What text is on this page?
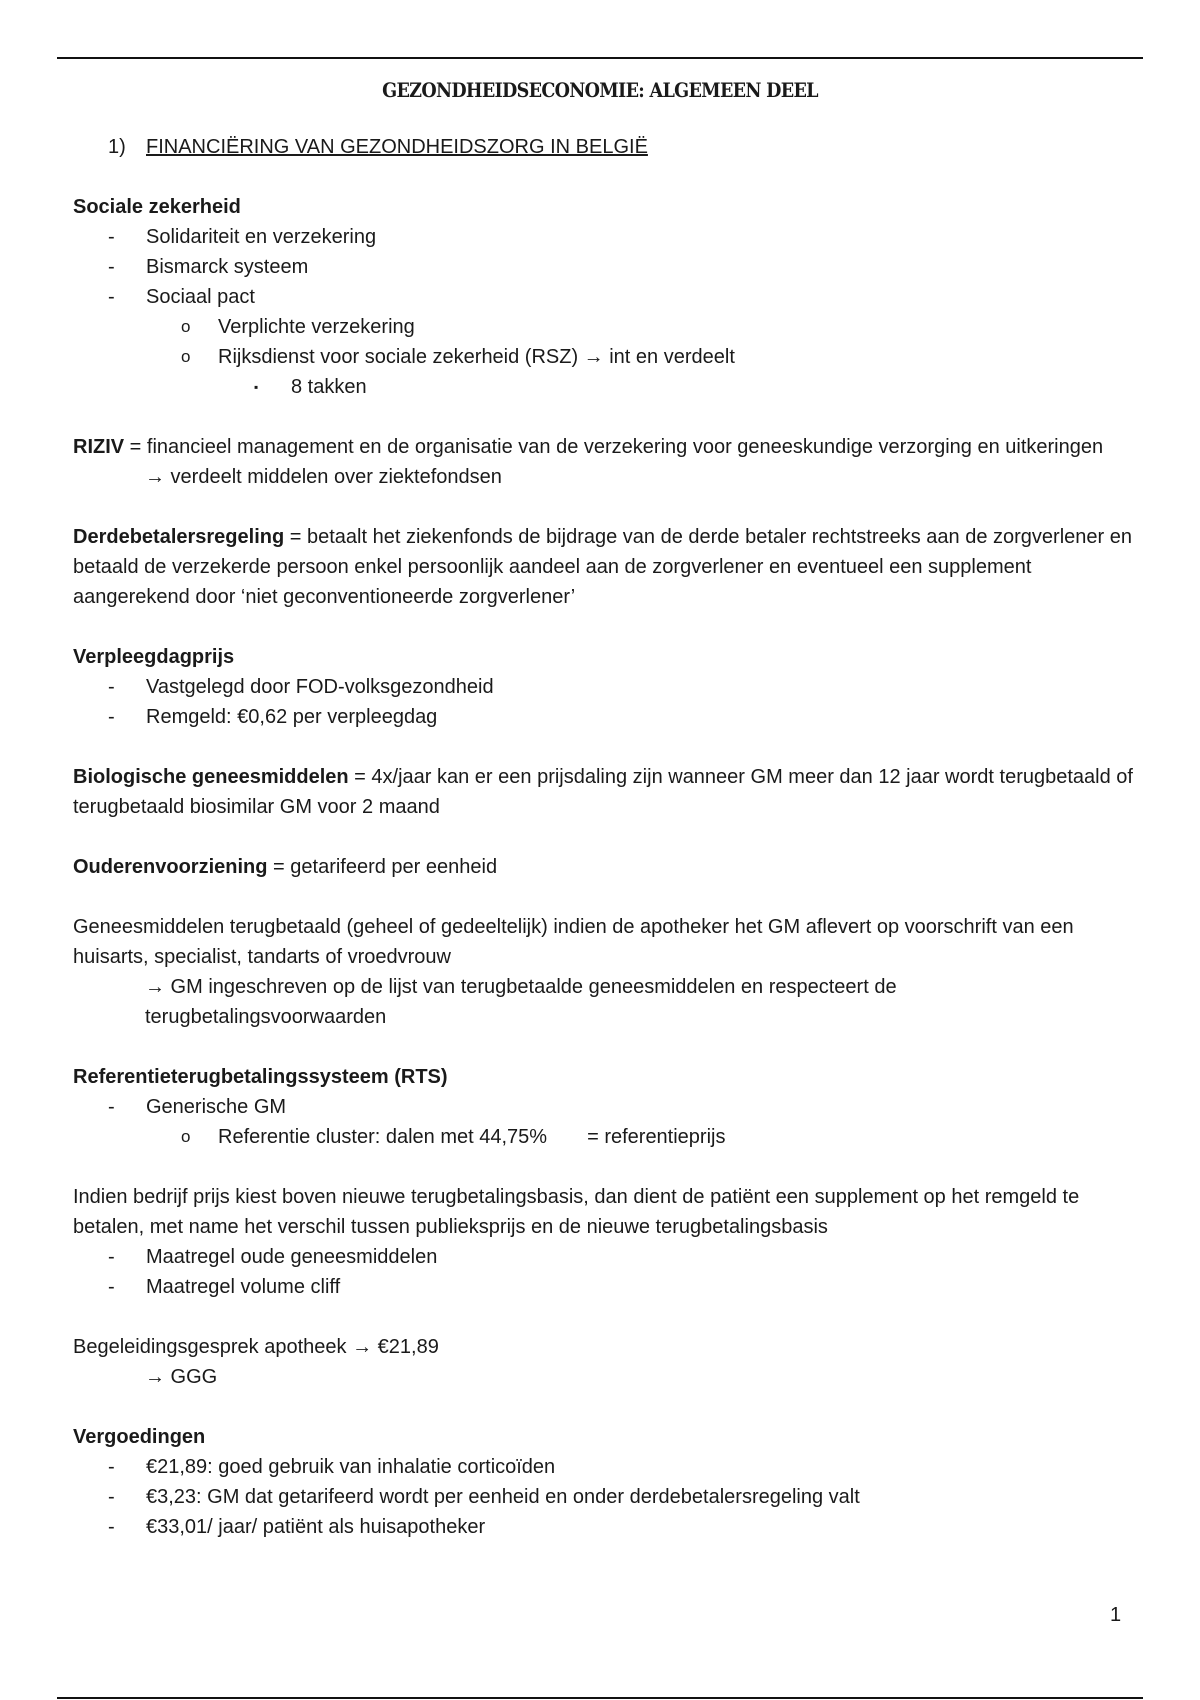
GEZONDHEIDSECONOMIE: ALGEMEEN DEEL

1) FINANCIËRING VAN GEZONDHEIDSZORG IN BELGIË

Sociale zekerheid

- Solidariteit en verzekering

- Bismarck systeem

- Sociaal pact

o Verplichte verzekering

o Rijksdienst voor sociale zekerheid (RSZ) → int en verdeelt

▪ 8 takken

RIZIV = financieel management en de organisatie van de verzekering voor geneeskundige verzorging en uitkeringen

→ verdeelt middelen over ziektefondsen

Derdebetalersregeling = betaalt het ziekenfonds de bijdrage van de derde betaler rechtstreeks aan de zorgverlener en betaald de verzekerde persoon enkel persoonlijk aandeel aan de zorgverlener en eventueel een supplement aangerekend door ‘niet geconventioneerde zorgverlener’

Verpleegdagprijs

- Vastgelegd door FOD-volksgezondheid

- Remgeld: €0,62 per verpleegdag

Biologische geneesmiddelen = 4x/jaar kan er een prijsdaling zijn wanneer GM meer dan 12 jaar wordt terugbetaald of terugbetaald biosimilar GM voor 2 maand

Ouderenvoorziening = getarifeerd per eenheid

Geneesmiddelen terugbetaald (geheel of gedeeltelijk) indien de apotheker het GM aflevert op voorschrift van een huisarts, specialist, tandarts of vroedvrouw

→ GM ingeschreven op de lijst van terugbetaalde geneesmiddelen en respecteert de terugbetalingsvoorwaarden

Referentieterugbetalingssysteem (RTS)

- Generische GM

o Referentie cluster: dalen met 44,75% = referentieprijs

Indien bedrijf prijs kiest boven nieuwe terugbetalingsbasis, dan dient de patiënt een supplement op het remgeld te betalen, met name het verschil tussen publieksprijs en de nieuwe terugbetalingsbasis

- Maatregel oude geneesmiddelen

- Maatregel volume cliff

Begeleidingsgesprek apotheek → €21,89

→ GGG

Vergoedingen

- €21,89: goed gebruik van inhalatie corticoïden

- €3,23: GM dat getarifeerd wordt per eenheid en onder derdebetalersregeling valt

- €33,01/ jaar/ patiënt als huisapotheker

1
